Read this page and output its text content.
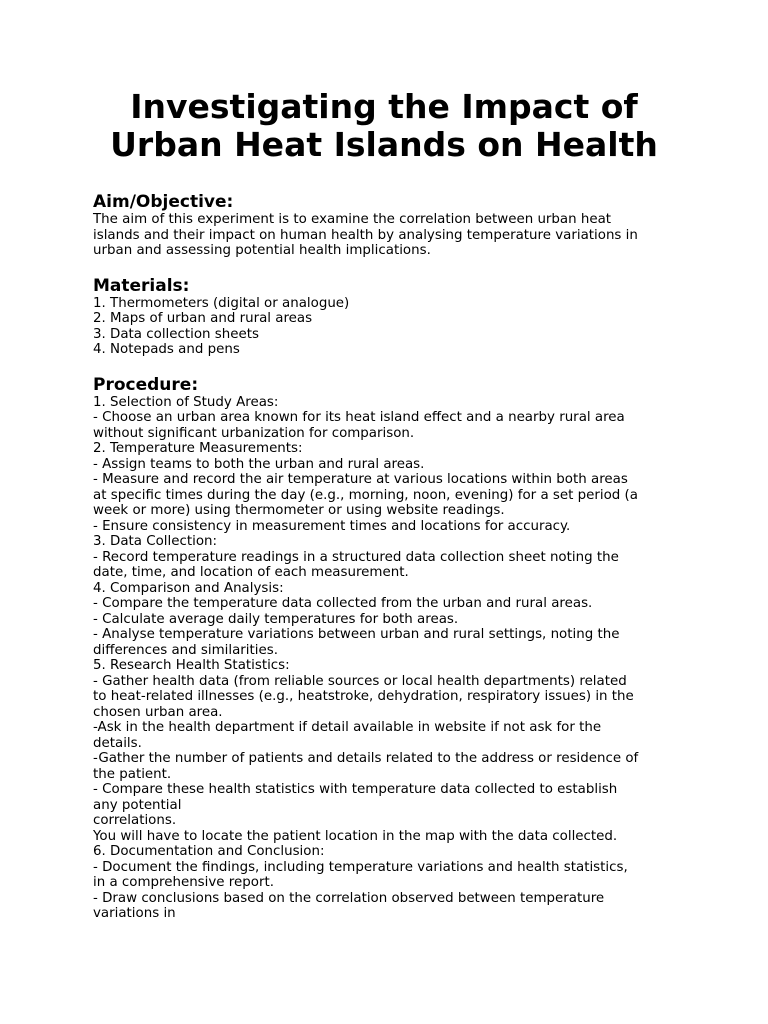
Investigating the Impact of
Urban Heat Islands on Health
Aim/Objective:

The aim of this experiment is to examine the correlation between urban heat

islands and their impact on human health by analysing temperature variations in

urban and assessing potential health implications.

Materials:

1. Thermometers (digital or analogue)

2. Maps of urban and rural areas

3. Data collection sheets

4. Notepads and pens

Procedure:

1. Selection of Study Areas:

- Choose an urban area known for its heat island effect and a nearby rural area

without significant urbanization for comparison.

2. Temperature Measurements:

- Assign teams to both the urban and rural areas.

- Measure and record the air temperature at various locations within both areas

at specific times during the day (e.g., morning, noon, evening) for a set period (a

week or more) using thermometer or using website readings.

- Ensure consistency in measurement times and locations for accuracy.

3. Data Collection:

- Record temperature readings in a structured data collection sheet noting the

date, time, and location of each measurement.

4. Comparison and Analysis:

- Compare the temperature data collected from the urban and rural areas.

- Calculate average daily temperatures for both areas.

- Analyse temperature variations between urban and rural settings, noting the

differences and similarities.

5. Research Health Statistics:

- Gather health data (from reliable sources or local health departments) related

to heat-related illnesses (e.g., heatstroke, dehydration, respiratory issues) in the

chosen urban area.

-Ask in the health department if detail available in website if not ask for the

details.

-Gather the number of patients and details related to the address or residence of

the patient.

- Compare these health statistics with temperature data collected to establish

any potential

correlations.

You will have to locate the patient location in the map with the data collected.

6. Documentation and Conclusion:

- Document the findings, including temperature variations and health statistics,

in a comprehensive report.

- Draw conclusions based on the correlation observed between temperature

variations in
